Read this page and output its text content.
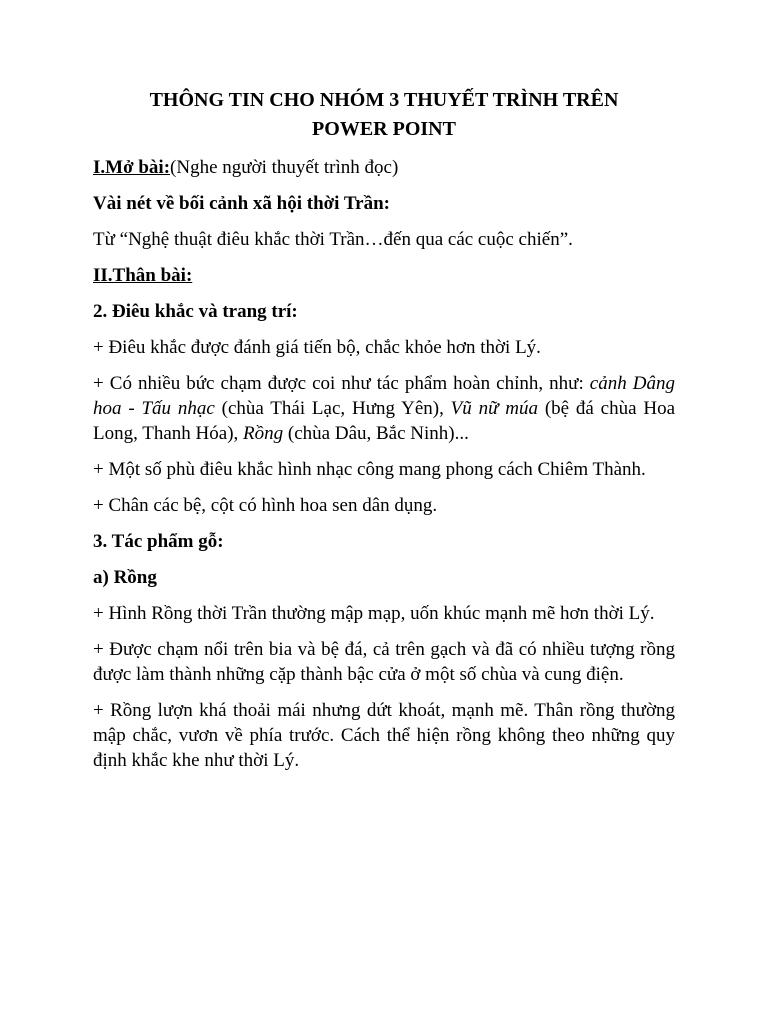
THÔNG TIN CHO NHÓM 3 THUYẾT TRÌNH TRÊN
POWER POINT

I.Mở bài:(Nghe người thuyết trình đọc)

Vài nét về bối cảnh xã hội thời Trần:

Từ “Nghệ thuật điêu khắc thời Trần…đến qua các cuộc chiến”.

II.Thân bài:

2. Điêu khắc và trang trí:

+ Điêu khắc được đánh giá tiến bộ, chắc khỏe hơn thời Lý.

+ Có nhiều bức chạm được coi như tác phẩm hoàn chỉnh, như: cảnh Dâng hoa - Tấu nhạc (chùa Thái Lạc, Hưng Yên), Vũ nữ múa (bệ đá chùa Hoa Long, Thanh Hóa), Rồng (chùa Dâu, Bắc Ninh)...

+ Một số phù điêu khắc hình nhạc công mang phong cách Chiêm Thành.

+ Chân các bệ, cột có hình hoa sen dân dụng.

3. Tác phẩm gỗ:

a) Rồng

+ Hình Rồng thời Trần thường mập mạp, uốn khúc mạnh mẽ hơn thời Lý.

+ Được chạm nổi trên bia và bệ đá, cả trên gạch và đã có nhiều tượng rồng được làm thành những cặp thành bậc cửa ở một số chùa và cung điện.

+ Rồng lượn khá thoải mái nhưng dứt khoát, mạnh mẽ. Thân rồng thường mập chắc, vươn về phía trước. Cách thể hiện rồng không theo những quy định khắc khe như thời Lý.
